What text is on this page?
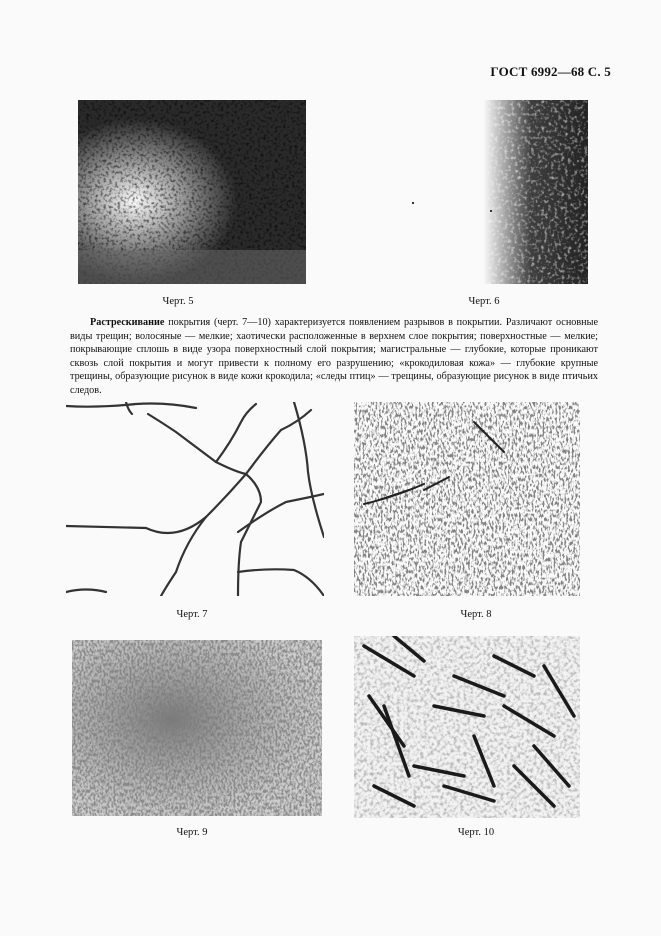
ГОСТ 6992—68 С. 5
Черт. 5	Черт. 6

Растрескивание покрытия (черт. 7—10) характеризуется появлением разрывов в покрытии. Различают основные виды трещин; волосяные — мелкие; хаотически расположенные в верхнем слое покрытия; поверхностные — мелкие; покрывающие сплошь в виде узора поверхностный слой покрытия; магистральные — глубокие, которые проникают сквозь слой покрытия и могут привести к полному его разрушению; «крокодиловая кожа» — глубокие крупные трещины, образующие рисунок в виде кожи крокодила; «следы птиц» — трещины, образующие рисунок в виде птичьих следов.

Черт. 7	Черт. 8
Черт. 9	Черт. 10
